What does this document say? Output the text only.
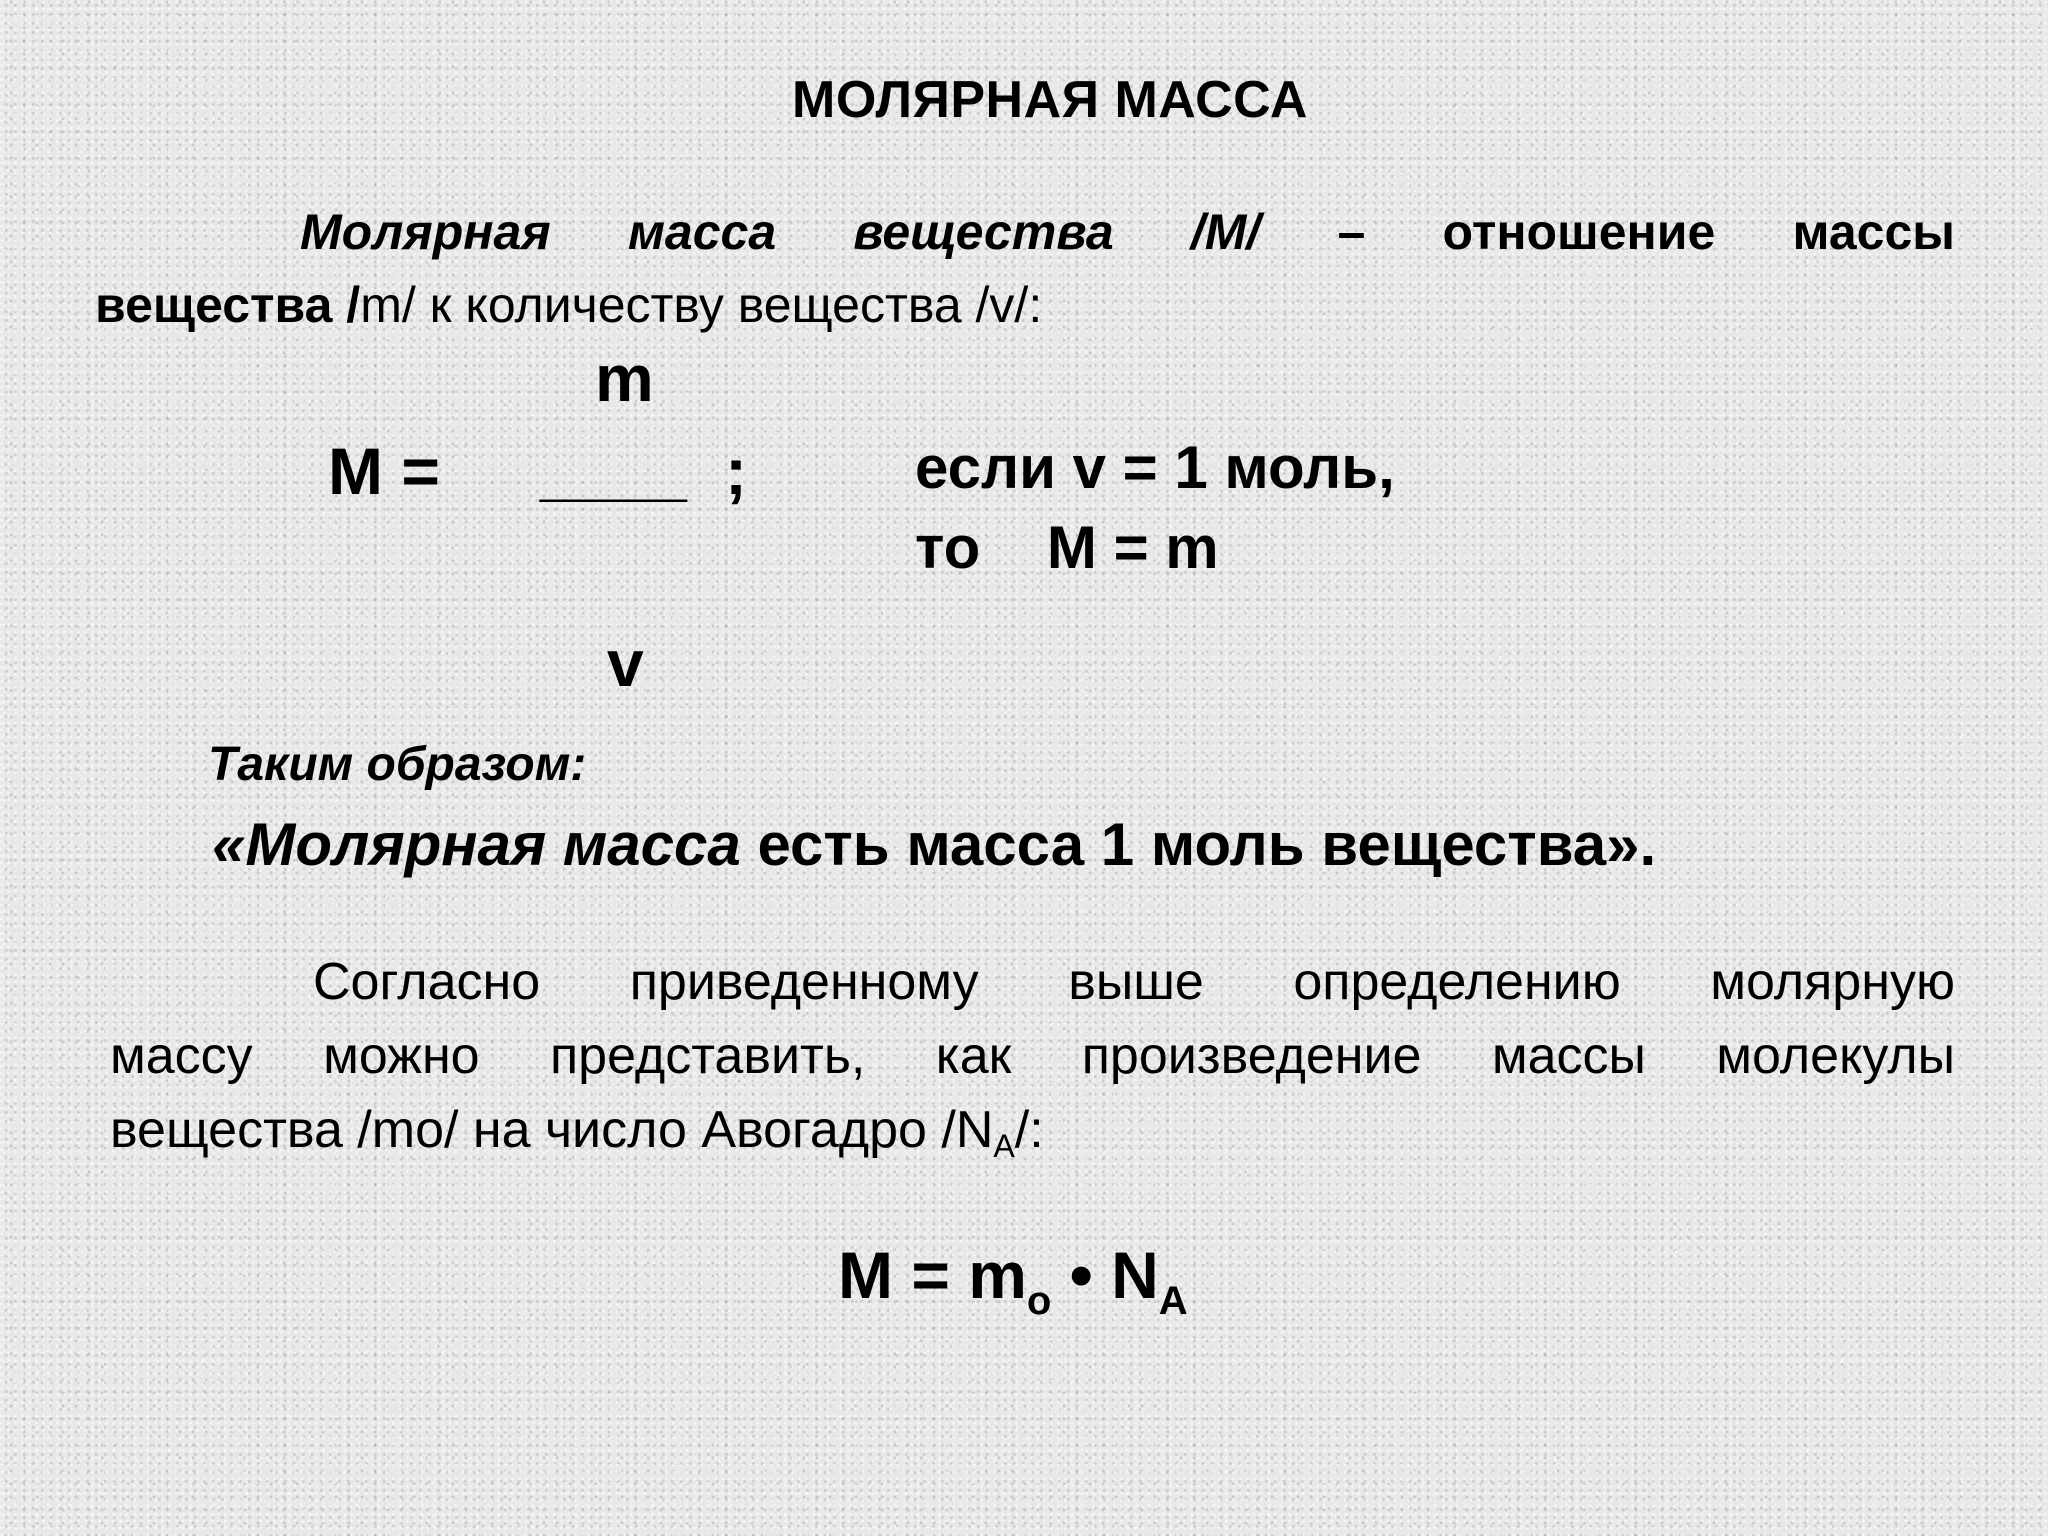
МОЛЯРНАЯ МАССА
Молярная масса вещества /М/ – отношение массы
вещества /m/ к количеству вещества /v/:
m
M = ____ ;
v
если v = 1 моль,
то    M = m
Таким образом:
«Молярная масса есть масса 1 моль вещества».
Согласно приведенному выше определению молярную
массу можно представить, как произведение массы молекулы
вещества /mo/ на число Авогадро $/N_A/$:
$M = m_o$ • $N_A$
